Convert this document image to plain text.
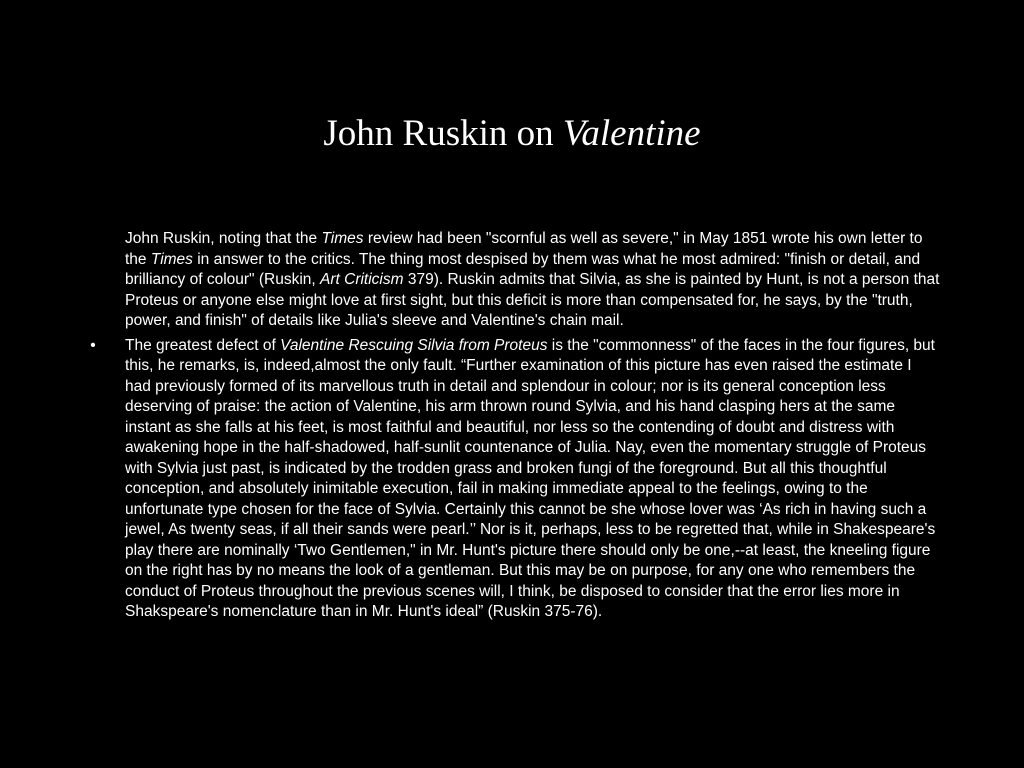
John Ruskin on Valentine

John Ruskin, noting that the Times review had been "scornful as well as severe," in May 1851 wrote his own letter to the Times in answer to the critics. The thing most despised by them was what he most admired: "finish or detail, and brilliancy of colour" (Ruskin, Art Criticism 379). Ruskin admits that Silvia, as she is painted by Hunt, is not a person that Proteus or anyone else might love at first sight, but this deficit is more than compensated for, he says, by the "truth, power, and finish" of details like Julia's sleeve and Valentine's chain mail.

• The greatest defect of Valentine Rescuing Silvia from Proteus is the "commonness" of the faces in the four figures, but this, he remarks, is, indeed,almost the only fault. “Further examination of this picture has even raised the estimate I had previously formed of its marvellous truth in detail and splendour in colour; nor is its general conception less deserving of praise: the action of Valentine, his arm thrown round Sylvia, and his hand clasping hers at the same instant as she falls at his feet, is most faithful and beautiful, nor less so the contending of doubt and distress with awakening hope in the half-shadowed, half-sunlit countenance of Julia. Nay, even the momentary struggle of Proteus with Sylvia just past, is indicated by the trodden grass and broken fungi of the foreground. But all this thoughtful conception, and absolutely inimitable execution, fail in making immediate appeal to the feelings, owing to the unfortunate type chosen for the face of Sylvia. Certainly this cannot be she whose lover was ‘As rich in having such a jewel, As twenty seas, if all their sands were pearl.’’ Nor is it, perhaps, less to be regretted that, while in Shakespeare's play there are nominally ‘Two Gentlemen," in Mr. Hunt's picture there should only be one,--at least, the kneeling figure on the right has by no means the look of a gentleman. But this may be on purpose, for any one who remembers the conduct of Proteus throughout the previous scenes will, I think, be disposed to consider that the error lies more in Shakspeare's nomenclature than in Mr. Hunt's ideal” (Ruskin 375-76).
